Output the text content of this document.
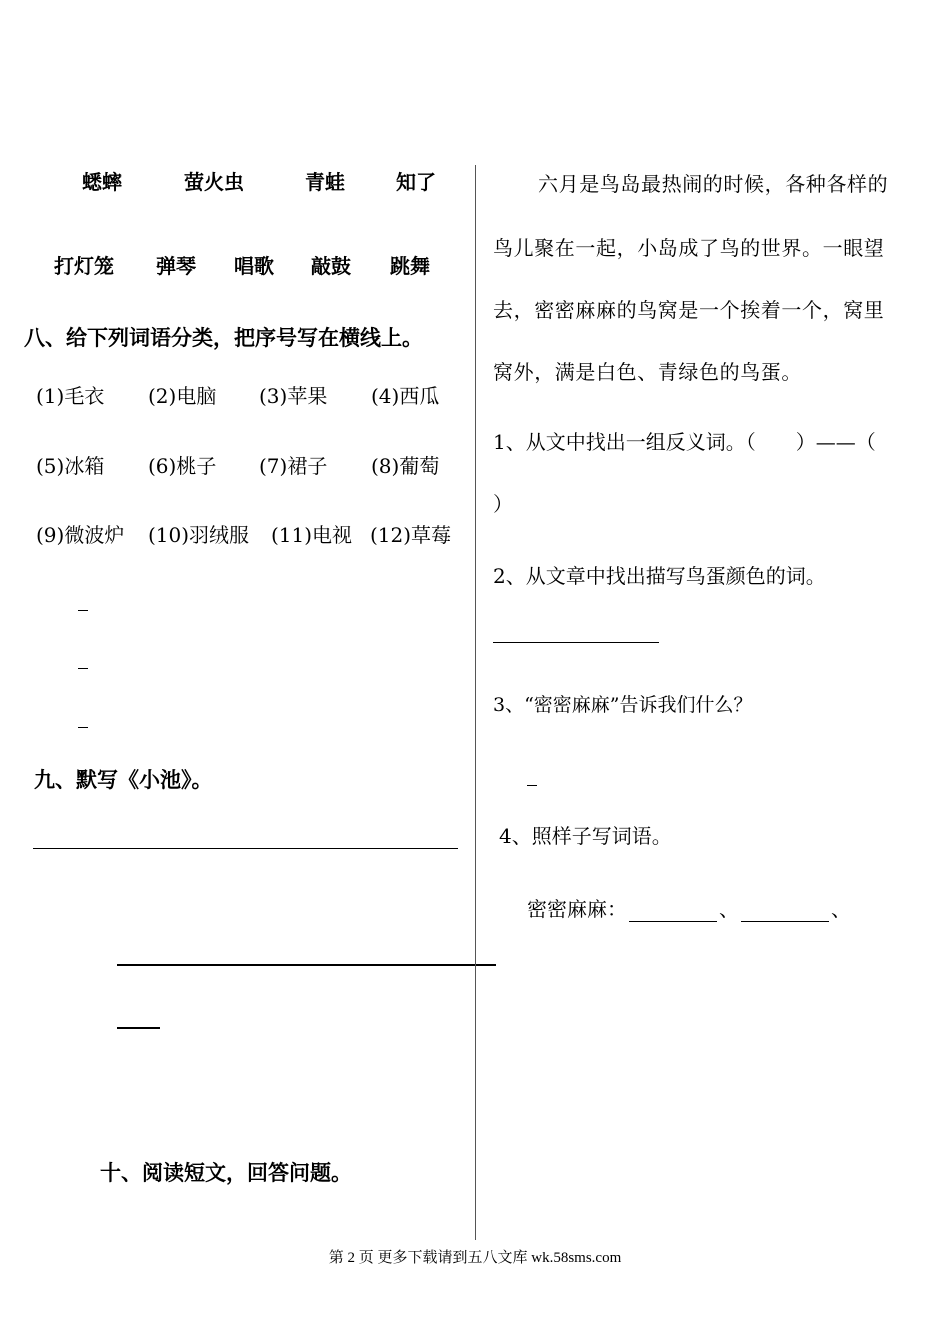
蟋蟀	萤火虫	青蛙	知了
打灯笼 弹琴 唱歌 敲鼓 跳舞
八、给下列词语分类，把序号写在横线上。
(1)毛衣 (2)电脑 (3)苹果 (4)西瓜
(5)冰箱 (6)桃子 (7)裙子 (8)葡萄
(9)微波炉 (10)羽绒服 (11)电视 (12)草莓
九、默写《小池》。
十、阅读短文，回答问题。
六月是鸟岛最热闹的时候，各种各样的
鸟儿聚在一起，小岛成了鸟的世界。一眼望
去，密密麻麻的鸟窝是一个挨着一个，窝里
窝外，满是白色、青绿色的鸟蛋。
1、从文中找出一组反义词。（　　）——（
）
2、从文章中找出描写鸟蛋颜色的词。
3、“密密麻麻”告诉我们什么？
4、照样子写词语。
密密麻麻：	、	、
第 2 页 更多下载请到五八文库 wk.58sms.com
